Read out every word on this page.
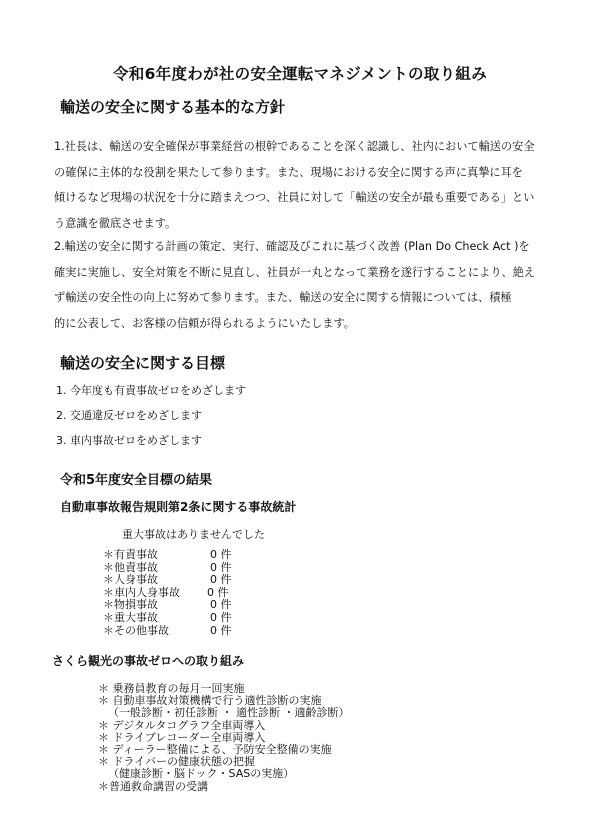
令和6年度わが社の安全運転マネジメントの取り組み
輸送の安全に関する基本的な方針

1.社長は、輸送の安全確保が事業経営の根幹であることを深く認識し、社内において輸送の安全

の確保に主体的な役割を果たして参ります。また、現場における安全に関する声に真摯に耳を

傾けるなど現場の状況を十分に踏まえつつ、社員に対して「輸送の安全が最も重要である」とい

う意識を徹底させます。

2.輸送の安全に関する計画の策定、実行、確認及びこれに基づく改善 (Plan Do Check Act )を

確実に実施し、安全対策を不断に見直し、社員が一丸となって業務を遂行することにより、絶え

ず輸送の安全性の向上に努めて参ります。また、輸送の安全に関する情報については、積極

的に公表して、お客様の信頼が得られるようにいたします。

輸送の安全に関する目標
1. 今年度も有責事故ゼロをめざします
2. 交通違反ゼロをめざします
3. 車内事故ゼロをめざします
令和5年度安全目標の結果
自動車事故報告規則第2条に関する事故統計
重大事故はありませんでした
＊有責事故	0 件
＊他責事故	0 件
＊人身事故	0 件
＊車内人身事故 0 件
＊物損事故	0 件
＊重大事故	0 件
＊その他事故	0 件
さくら観光の事故ゼロへの取り組み
＊ 乗務員教育の毎月一回実施
＊ 自動車事故対策機構で行う適性診断の実施
（一般診断・初任診断 ・ 適性診断 ・適齢診断）
＊ デジタルタコグラフ全車両導入
＊ ドライブレコーダー全車両導入
＊ ディーラー整備による、予防安全整備の実施
＊ ドライバーの健康状態の把握
（健康診断・脳ドック・SASの実施）
＊普通救命講習の受講
